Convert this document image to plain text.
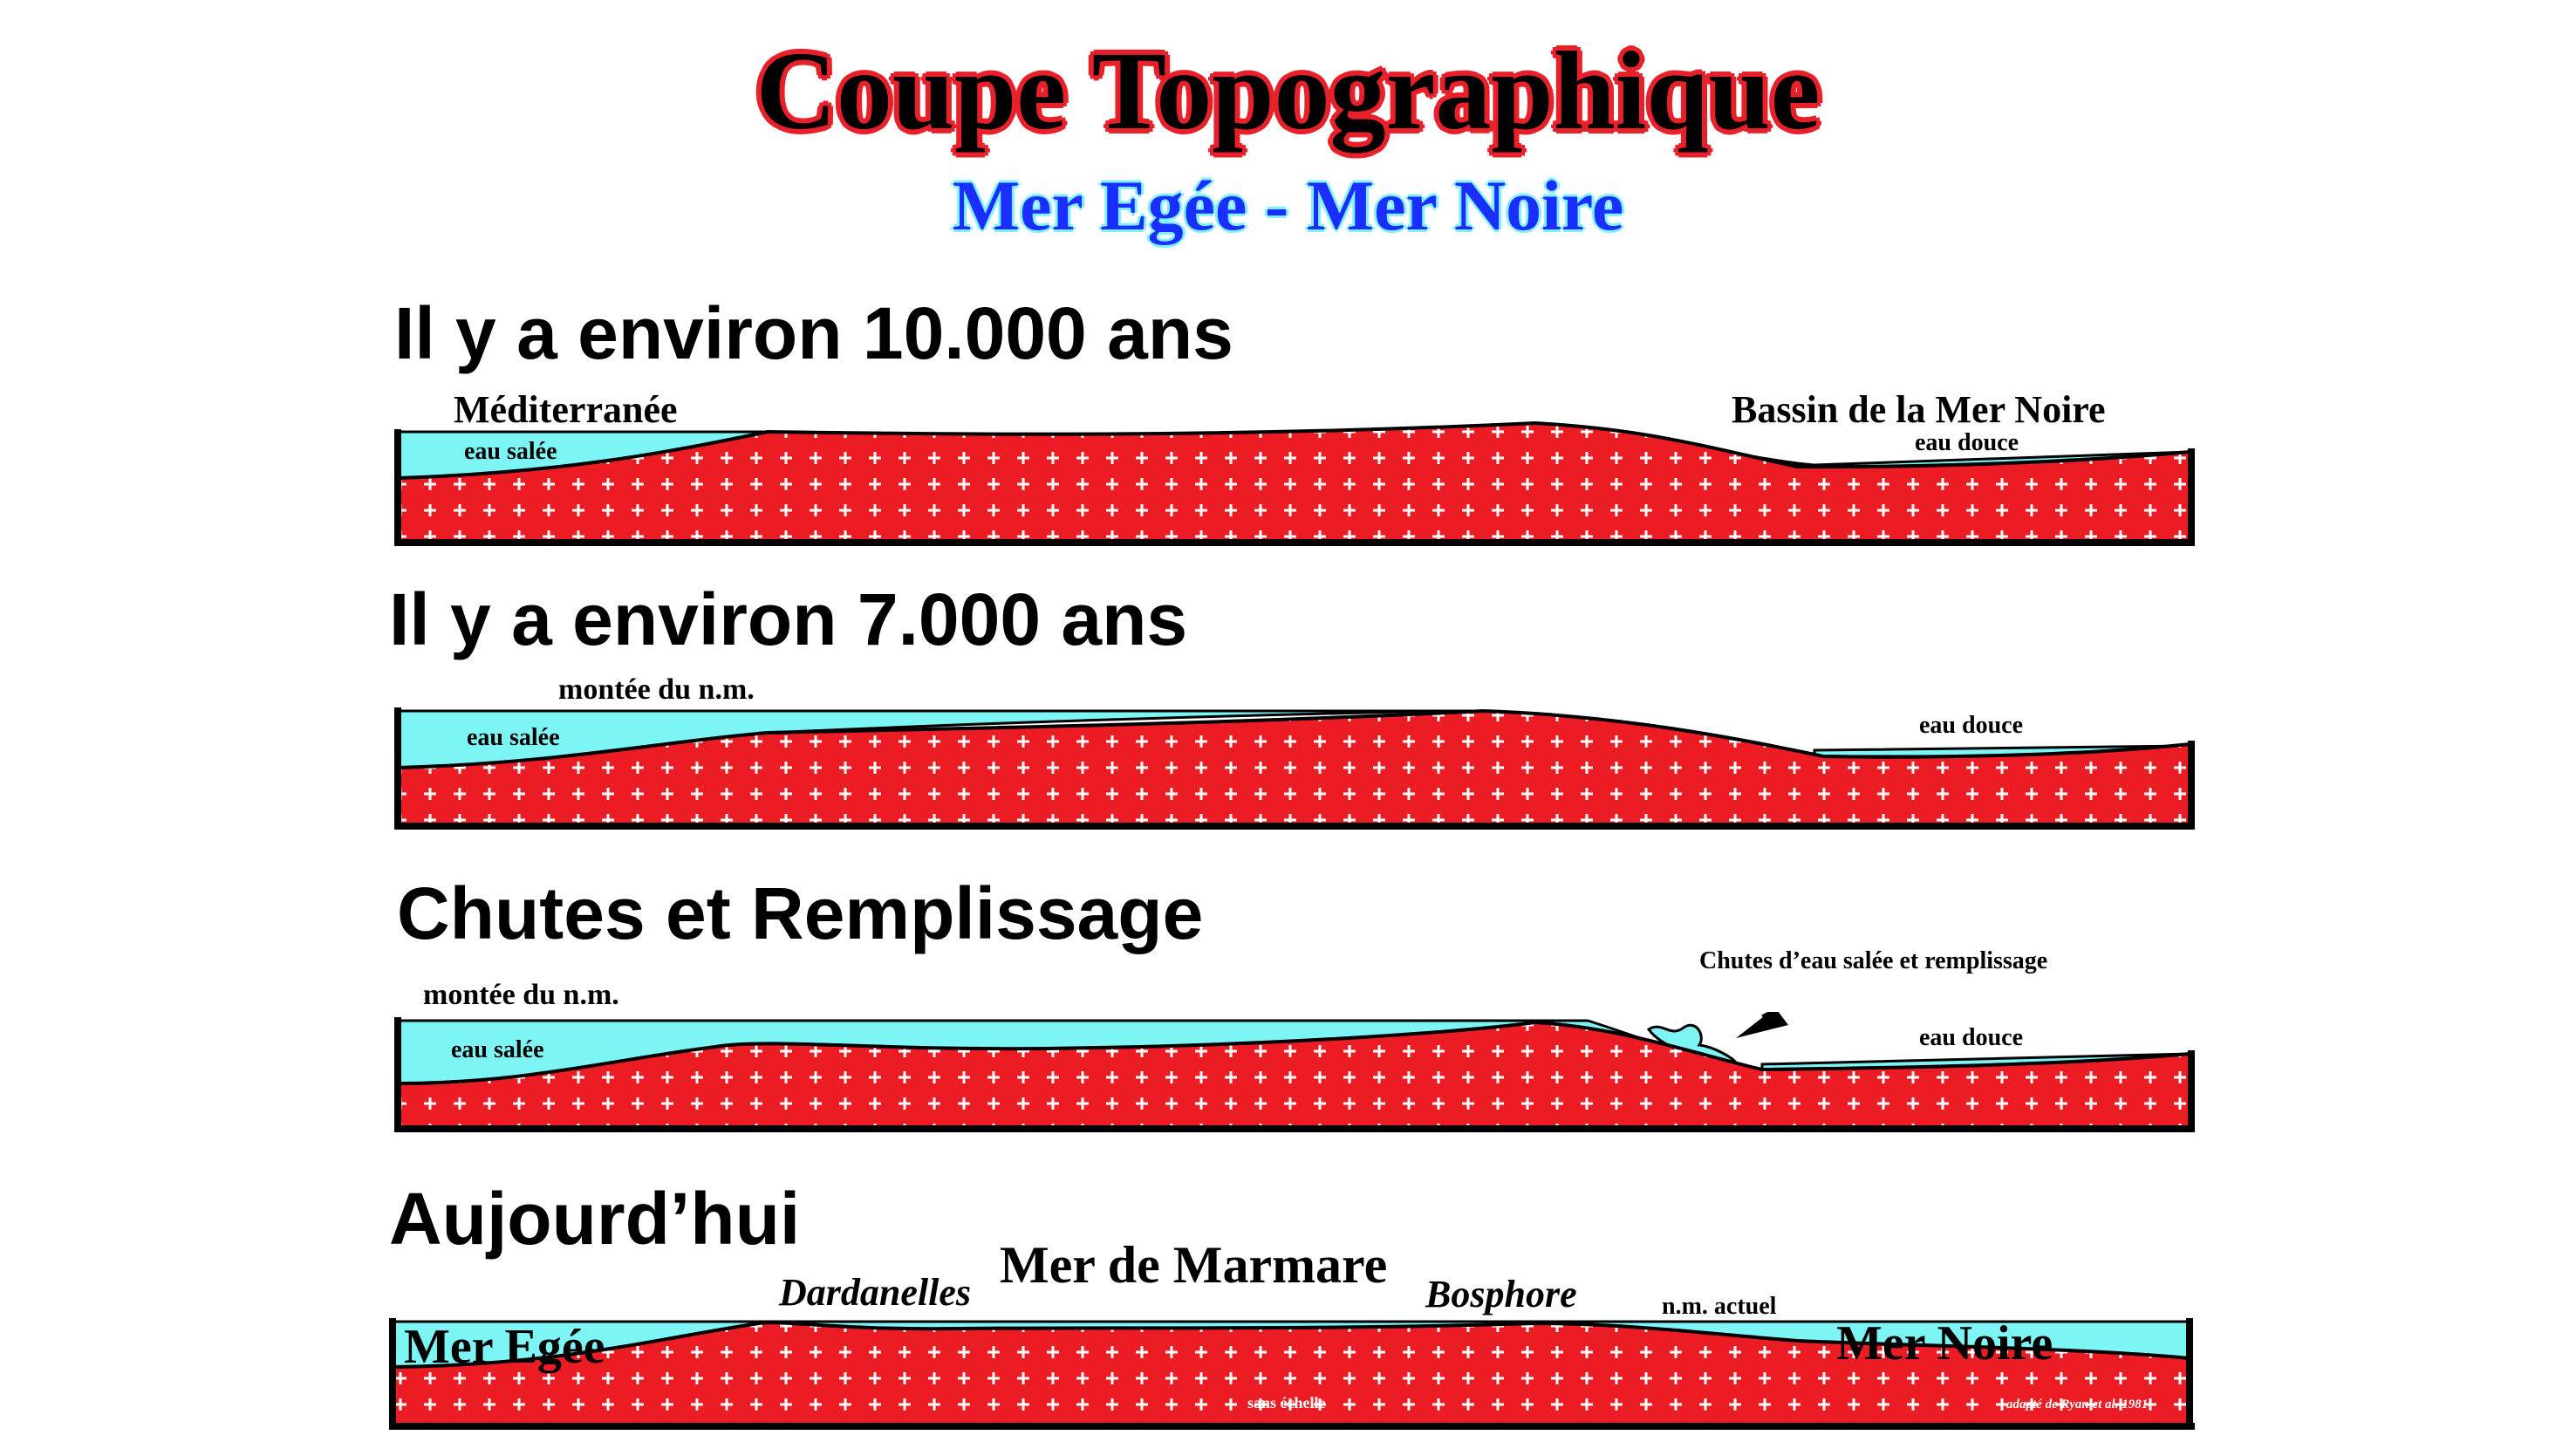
Coupe Topographique
Mer Egée - Mer Noire
Il y a environ 10.000 ans
Méditerranée	Bassin de la Mer Noire
eau salée	eau douce
Il y a environ 7.000 ans
montée du n.m.
eau douce
eau salée
Chutes et Remplissage
montée du n.m.
Chutes d’eau salée et remplissage
eau douce
eau salée
Aujourd’hui
Dardanelles Mer de Marmare
Bosphore	n.m. actuel
Mer Egée	Mer Noire
sans échelle	adapté de Ryan et al. 1981
